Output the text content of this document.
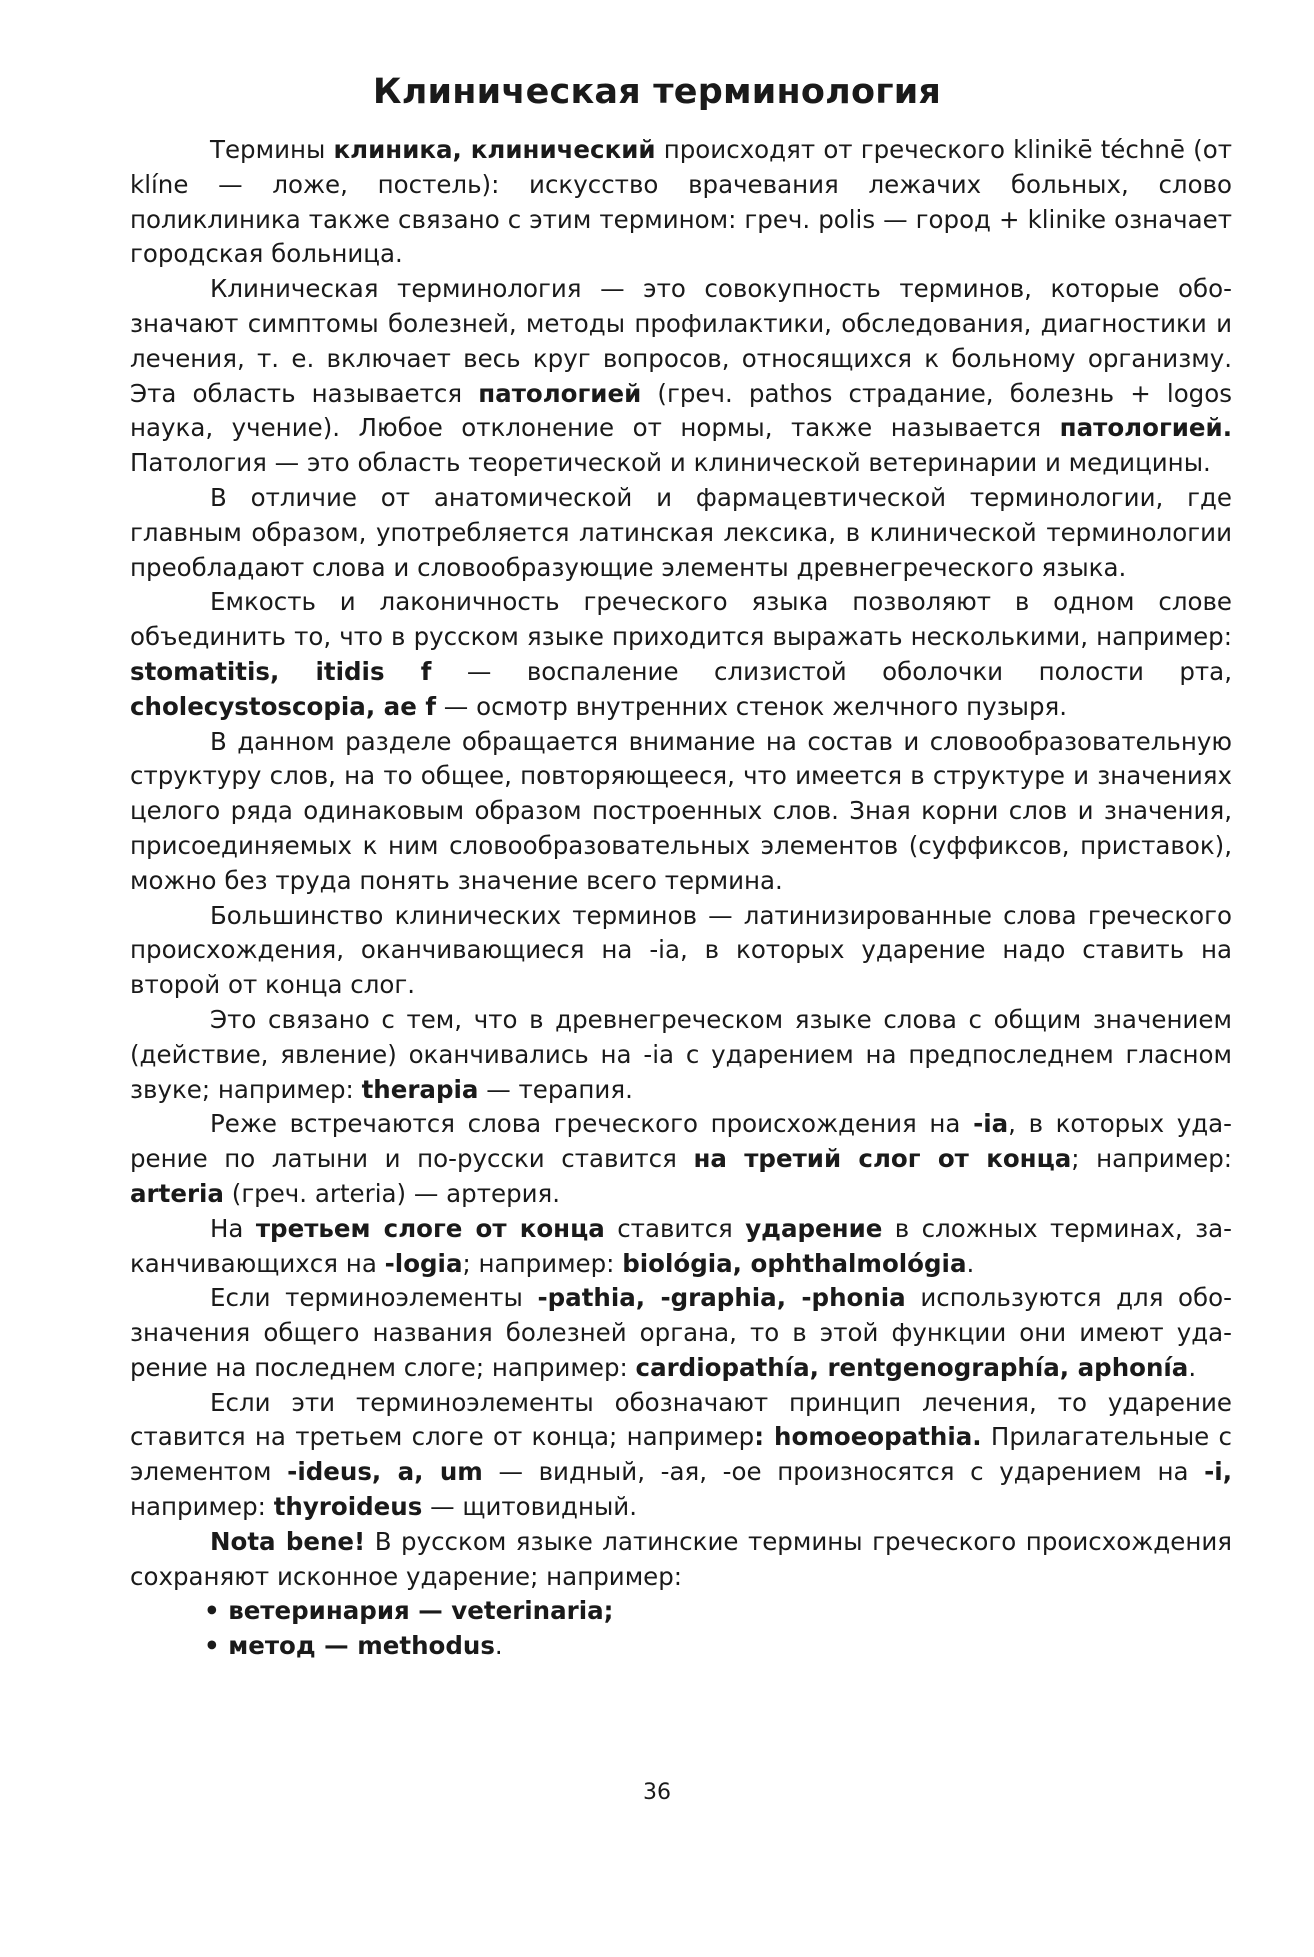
Клиническая терминология

Термины клиника, клинический происходят от греческого klinikē téchnē (от klíne — ложе, постель): искусство врачевания лежачих больных, слово поликлиника также связано с этим термином: греч. polis — город + klinike означает городская больница.

Клиническая терминология — это совокупность терминов, которые обозначают симптомы болезней, методы профилактики, обследования, диагностики и лечения, т. е. включает весь круг вопросов, относящихся к больному организму. Эта область называется патологией (греч. pathos страдание, болезнь + logos наука, учение). Любое отклонение от нормы, также называется патологией. Патология — это область теоретической и клинической ветеринарии и медицины.

В отличие от анатомической и фармацевтической терминологии, где главным образом, употребляется латинская лексика, в клинической терминологии преобладают слова и словообразующие элементы древнегреческого языка.

Емкость и лаконичность греческого языка позволяют в одном слове объединить то, что в русском языке приходится выражать несколькими, например: stomatitis, itidis f — воспаление слизистой оболочки полости рта, cholecystoscopia, ae f — осмотр внутренних стенок желчного пузыря.

В данном разделе обращается внимание на состав и словообразовательную структуру слов, на то общее, повторяющееся, что имеется в структуре и значениях целого ряда одинаковым образом построенных слов. Зная корни слов и значения, присоединяемых к ним словообразовательных элементов (суффиксов, приставок), можно без труда понять значение всего термина.

Большинство клинических терминов — латинизированные слова греческого происхождения, оканчивающиеся на -ia, в которых ударение надо ставить на второй от конца слог.

Это связано с тем, что в древнегреческом языке слова с общим значением (действие, явление) оканчивались на -ia с ударением на предпоследнем гласном звуке; например: therapia — терапия.

Реже встречаются слова греческого происхождения на -ia, в которых ударение по латыни и по-русски ставится на третий слог от конца; например: arteria (греч. arteria) — артерия.

На третьем слоге от конца ставится ударение в сложных терминах, заканчивающихся на -logia; например: biológia, ophthalmológia.

Если терминоэлементы -pathia, -graphia, -phonia используются для обозначения общего названия болезней органа, то в этой функции они имеют ударение на последнем слоге; например: cardiopathía, rentgenographía, aphonía.

Если эти терминоэлементы обозначают принцип лечения, то ударение ставится на третьем слоге от конца; например: homoeopathia. Прилагательные с элементом -ideus, a, um — видный, -ая, -ое произносятся с ударением на -i, например: thyroideus — щитовидный.

Nota bene! В русском языке латинские термины греческого происхождения сохраняют исконное ударение; например:

• ветеринария — veterinaria;
• метод — methodus.
36
